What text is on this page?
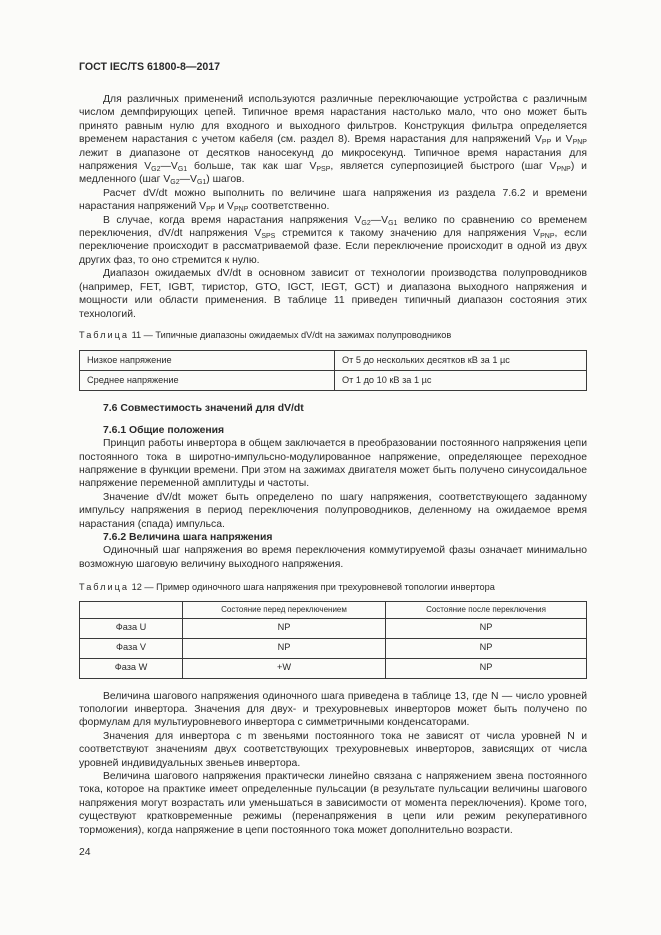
ГОСТ IEC/TS 61800-8—2017

Для различных применений используются различные переключающие устройства с различным числом демпфирующих цепей. Типичное время нарастания настолько мало, что оно может быть принято равным нулю для входного и выходного фильтров. Конструкция фильтра определяется временем нарастания с учетом кабеля (см. раздел 8). Время нарастания для напряжений $V_{PP}$ и $V_{PNP}$ лежит в диапазоне от десятков наносекунд до микросекунд. Типичное время нарастания для напряжения $V_{G2}—V_{G1}$ больше, так как шаг $V_{PSP}$, является суперпозицией быстрого (шаг $V_{PNP}$) и медленного (шаг $V_{G2}—V_{G1}$) шагов.

Расчет dV/dt можно выполнить по величине шага напряжения из раздела 7.6.2 и времени нарастания напряжений $V_{PP}$ и $V_{PNP}$ соответственно.

В случае, когда время нарастания напряжения $V_{G2}—V_{G1}$ велико по сравнению со временем переключения, dV/dt напряжения $V_{SPS}$ стремится к такому значению для напряжения $V_{PNP}$, если переключение происходит в рассматриваемой фазе. Если переключение происходит в одной из двух других фаз, то оно стремится к нулю.

Диапазон ожидаемых dV/dt в основном зависит от технологии производства полупроводников (например, FET, IGBT, тиристор, GTO, IGCT, IEGT, GCT) и диапазона выходного напряжения и мощности или области применения. В таблице 11 приведен типичный диапазон состояния этих технологий.

Таблица 11 — Типичные диапазоны ожидаемых dV/dt на зажимах полупроводников

Низкое напряжение	От 5 до нескольких десятков кВ за 1 µс
Среднее напряжение	От 1 до 10 кВ за 1 µс
7.6 Совместимость значений для dV/dt
7.6.1 Общие положения

Принцип работы инвертора в общем заключается в преобразовании постоянного напряжения цепи постоянного тока в широтно-импульсно-модулированное напряжение, определяющее переходное напряжение в функции времени. При этом на зажимах двигателя может быть получено синусоидальное напряжение переменной амплитуды и частоты.

Значение dV/dt может быть определено по шагу напряжения, соответствующего заданному импульсу напряжения в период переключения полупроводников, деленному на ожидаемое время нарастания (спада) импульса.

7.6.2 Величина шага напряжения

Одиночный шаг напряжения во время переключения коммутируемой фазы означает минимально возможную шаговую величину выходного напряжения.

Таблица 12 — Пример одиночного шага напряжения при трехуровневой топологии инвертора

	Состояние перед переключением	Состояние после переключения
Фаза U	NP	NP
Фаза V	NP	NP
Фаза W	+W	NP

Величина шагового напряжения одиночного шага приведена в таблице 13, где N — число уровней топологии инвертора. Значения для двух- и трехуровневых инверторов может быть получено по формулам для мультиуровневого инвертора с симметричными конденсаторами.

Значения для инвертора с m звеньями постоянного тока не зависят от числа уровней N и соответствуют значениям двух соответствующих трехуровневых инверторов, зависящих от числа уровней индивидуальных звеньев инвертора.

Величина шагового напряжения практически линейно связана с напряжением звена постоянного тока, которое на практике имеет определенные пульсации (в результате пульсации величины шагового напряжения могут возрастать или уменьшаться в зависимости от момента переключения). Кроме того, существуют кратковременные режимы (перенапряжения в цепи или режим рекуперативного торможения), когда напряжение в цепи постоянного тока может дополнительно возрасти.

24
